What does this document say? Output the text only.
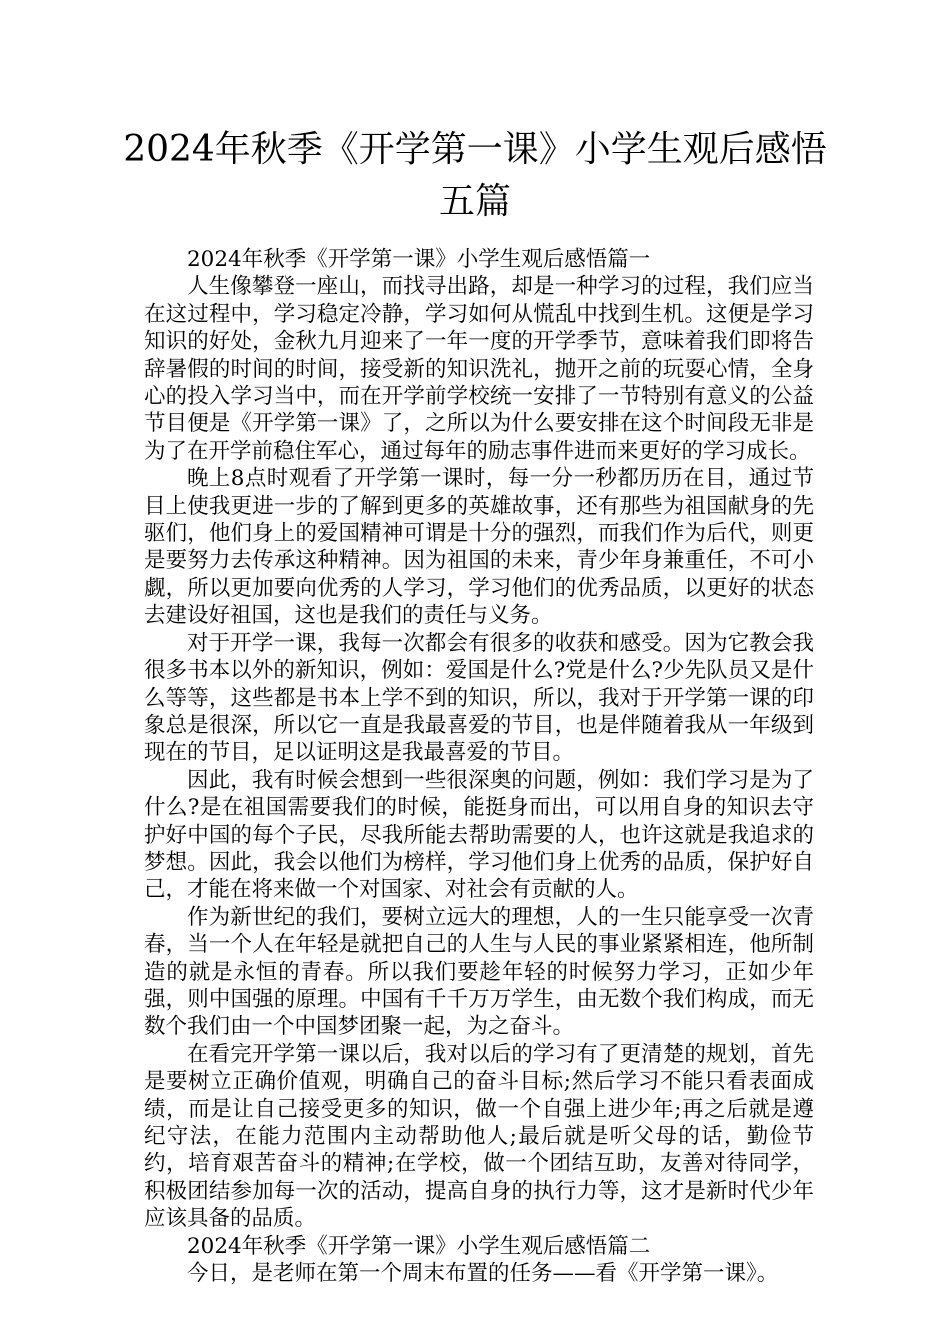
2024年秋季《开学第一课》小学生观后感悟五篇

2024年秋季《开学第一课》小学生观后感悟篇一

人生像攀登一座山，而找寻出路，却是一种学习的过程，我们应当在这过程中，学习稳定冷静，学习如何从慌乱中找到生机。这便是学习知识的好处，金秋九月迎来了一年一度的开学季节，意味着我们即将告辞暑假的时间的时间，接受新的知识洗礼，抛开之前的玩耍心情，全身心的投入学习当中，而在开学前学校统一安排了一节特别有意义的公益节目便是《开学第一课》了，之所以为什么要安排在这个时间段无非是为了在开学前稳住军心，通过每年的励志事件进而来更好的学习成长。

晚上8点时观看了开学第一课时，每一分一秒都历历在目，通过节目上使我更进一步的了解到更多的英雄故事，还有那些为祖国献身的先驱们，他们身上的爱国精神可谓是十分的强烈，而我们作为后代，则更是要努力去传承这种精神。因为祖国的未来，青少年身兼重任，不可小觑，所以更加要向优秀的人学习，学习他们的优秀品质，以更好的状态去建设好祖国，这也是我们的责任与义务。

对于开学一课，我每一次都会有很多的收获和感受。因为它教会我很多书本以外的新知识，例如：爱国是什么?党是什么?少先队员又是什么等等，这些都是书本上学不到的知识，所以，我对于开学第一课的印象总是很深，所以它一直是我最喜爱的节目，也是伴随着我从一年级到现在的节目，足以证明这是我最喜爱的节目。

因此，我有时候会想到一些很深奥的问题，例如：我们学习是为了什么?是在祖国需要我们的时候，能挺身而出，可以用自身的知识去守护好中国的每个子民，尽我所能去帮助需要的人，也许这就是我追求的梦想。因此，我会以他们为榜样，学习他们身上优秀的品质，保护好自己，才能在将来做一个对国家、对社会有贡献的人。

作为新世纪的我们，要树立远大的理想，人的一生只能享受一次青春，当一个人在年轻是就把自己的人生与人民的事业紧紧相连，他所制造的就是永恒的青春。所以我们要趁年轻的时候努力学习，正如少年强，则中国强的原理。中国有千千万万学生，由无数个我们构成，而无数个我们由一个中国梦团聚一起，为之奋斗。

在看完开学第一课以后，我对以后的学习有了更清楚的规划，首先是要树立正确价值观，明确自己的奋斗目标;然后学习不能只看表面成绩，而是让自己接受更多的知识，做一个自强上进少年;再之后就是遵纪守法，在能力范围内主动帮助他人;最后就是听父母的话，勤俭节约，培育艰苦奋斗的精神;在学校，做一个团结互助，友善对待同学，积极团结参加每一次的活动，提高自身的执行力等，这才是新时代少年应该具备的品质。

2024年秋季《开学第一课》小学生观后感悟篇二

今日，是老师在第一个周末布置的任务——看《开学第一课》。
